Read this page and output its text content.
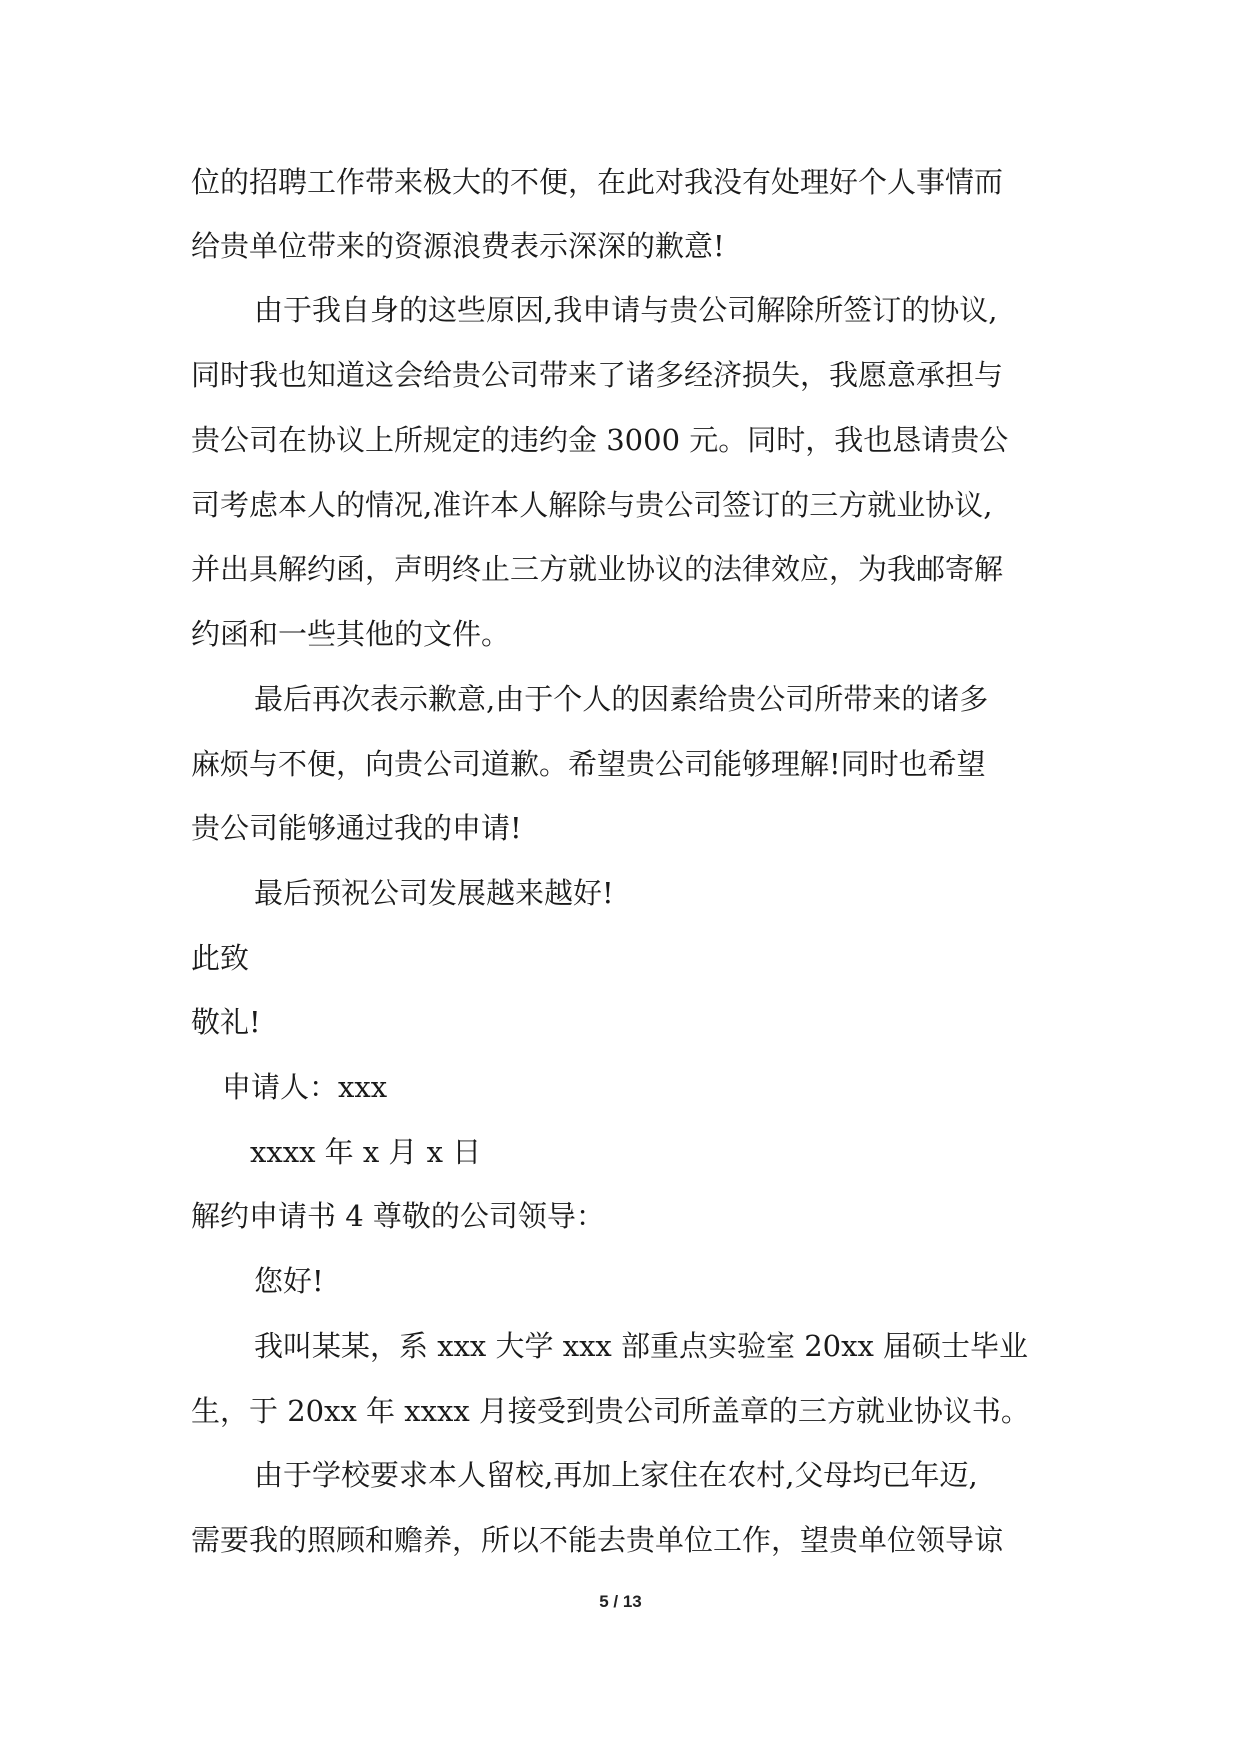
位的招聘工作带来极大的不便，在此对我没有处理好个人事情而
给贵单位带来的资源浪费表示深深的歉意!
由于我自身的这些原因,我申请与贵公司解除所签订的协议,
同时我也知道这会给贵公司带来了诸多经济损失，我愿意承担与
贵公司在协议上所规定的违约金 3000 元。同时，我也恳请贵公
司考虑本人的情况,准许本人解除与贵公司签订的三方就业协议,
并出具解约函，声明终止三方就业协议的法律效应，为我邮寄解
约函和一些其他的文件。
最后再次表示歉意,由于个人的因素给贵公司所带来的诸多
麻烦与不便，向贵公司道歉。希望贵公司能够理解!同时也希望
贵公司能够通过我的申请!
最后预祝公司发展越来越好!
此致
敬礼!
申请人：xxx
xxxx 年 x 月 x 日
解约申请书 4 尊敬的公司领导：
您好!
我叫某某，系 xxx 大学 xxx 部重点实验室 20xx 届硕士毕业
生，于 20xx 年 xxxx 月接受到贵公司所盖章的三方就业协议书。
由于学校要求本人留校,再加上家住在农村,父母均已年迈,
需要我的照顾和赡养，所以不能去贵单位工作，望贵单位领导谅
5 / 13
